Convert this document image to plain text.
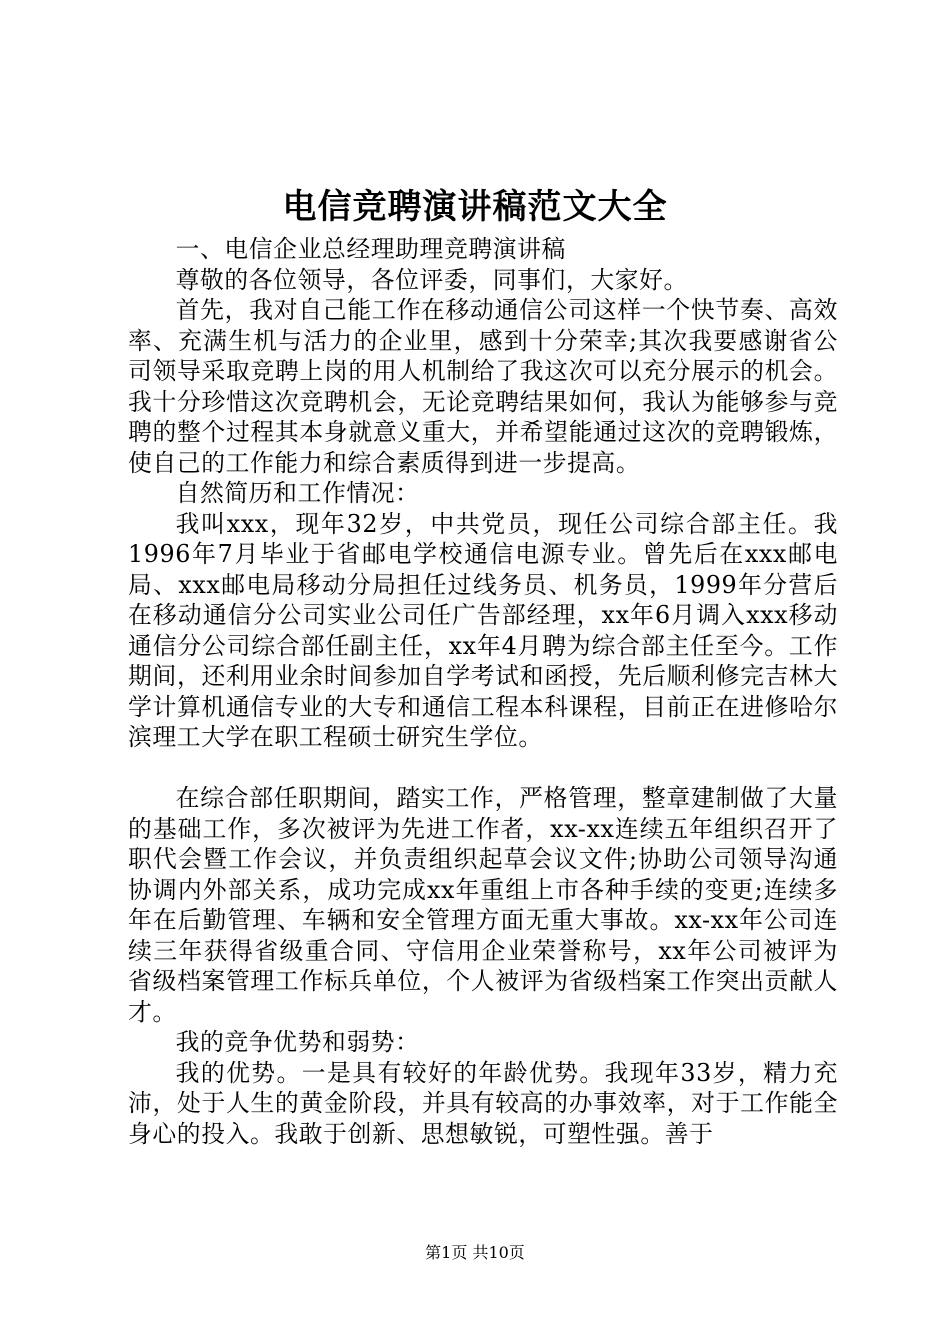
电信竞聘演讲稿范文大全

一、电信企业总经理助理竞聘演讲稿

尊敬的各位领导，各位评委，同事们，大家好。

首先，我对自己能工作在移动通信公司这样一个快节奏、高效率、充满生机与活力的企业里，感到十分荣幸;其次我要感谢省公司领导采取竞聘上岗的用人机制给了我这次可以充分展示的机会。我十分珍惜这次竞聘机会，无论竞聘结果如何，我认为能够参与竞聘的整个过程其本身就意义重大，并希望能通过这次的竞聘锻炼，使自己的工作能力和综合素质得到进一步提高。

自然简历和工作情况：

我叫xxx，现年32岁，中共党员，现任公司综合部主任。我1996年7月毕业于省邮电学校通信电源专业。曾先后在xxx邮电局、xxx邮电局移动分局担任过线务员、机务员，1999年分营后在移动通信分公司实业公司任广告部经理，xx年6月调入xxx移动通信分公司综合部任副主任，xx年4月聘为综合部主任至今。工作期间，还利用业余时间参加自学考试和函授，先后顺利修完吉林大学计算机通信专业的大专和通信工程本科课程，目前正在进修哈尔滨理工大学在职工程硕士研究生学位。

在综合部任职期间，踏实工作，严格管理，整章建制做了大量的基础工作，多次被评为先进工作者，xx-xx连续五年组织召开了职代会暨工作会议，并负责组织起草会议文件;协助公司领导沟通协调内外部关系，成功完成xx年重组上市各种手续的变更;连续多年在后勤管理、车辆和安全管理方面无重大事故。xx-xx年公司连续三年获得省级重合同、守信用企业荣誉称号，xx年公司被评为省级档案管理工作标兵单位，个人被评为省级档案工作突出贡献人才。

我的竞争优势和弱势：

我的优势。一是具有较好的年龄优势。我现年33岁，精力充沛，处于人生的黄金阶段，并具有较高的办事效率，对于工作能全身心的投入。我敢于创新、思想敏锐，可塑性强。善于

第1页 共10页
